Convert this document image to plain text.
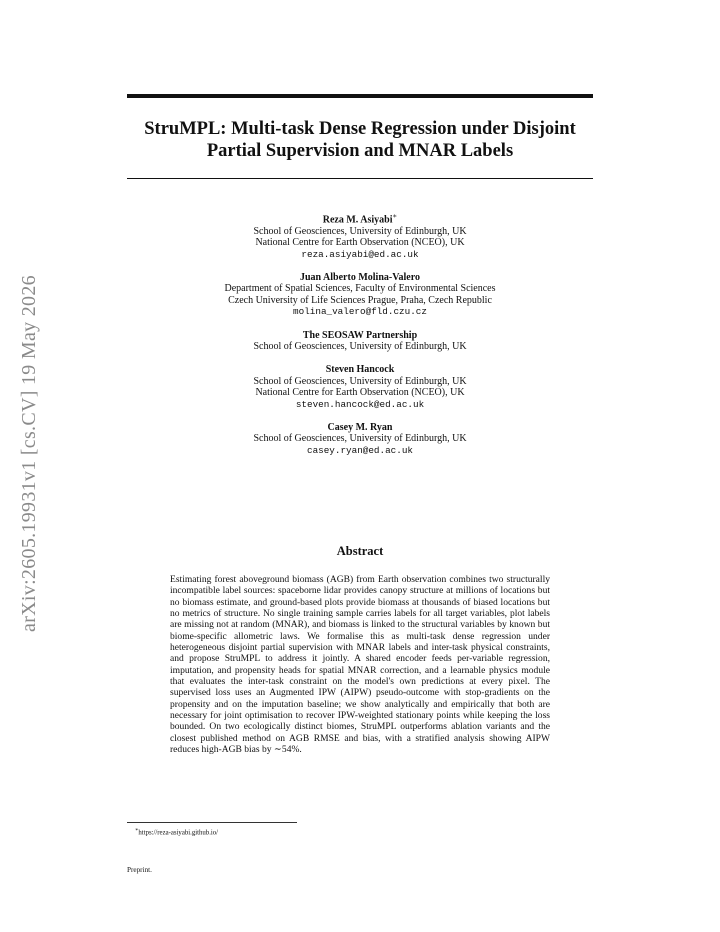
arXiv:2605.19931v1 [cs.CV] 19 May 2026
StruMPL: Multi-task Dense Regression under Disjoint
Partial Supervision and MNAR Labels
Reza M. Asiyabi∗
School of Geosciences, University of Edinburgh, UK
National Centre for Earth Observation (NCEO), UK
reza.asiyabi@ed.ac.uk
Juan Alberto Molina-Valero
Department of Spatial Sciences, Faculty of Environmental Sciences
Czech University of Life Sciences Prague, Praha, Czech Republic
molina_valero@fld.czu.cz
The SEOSAW Partnership
School of Geosciences, University of Edinburgh, UK
Steven Hancock
School of Geosciences, University of Edinburgh, UK
National Centre for Earth Observation (NCEO), UK
steven.hancock@ed.ac.uk
Casey M. Ryan
School of Geosciences, University of Edinburgh, UK
casey.ryan@ed.ac.uk
Abstract
Estimating forest aboveground biomass (AGB) from Earth observation combines two structurally incompatible label sources: spaceborne lidar provides canopy structure at millions of locations but no biomass estimate, and ground-based plots provide biomass at thousands of biased locations but no metrics of structure. No single training sample carries labels for all target variables, plot labels are missing not at random (MNAR), and biomass is linked to the structural variables by known but biome-specific allometric laws. We formalise this as multi-task dense regression under heterogeneous disjoint partial supervision with MNAR labels and inter-task physical constraints, and propose StruMPL to address it jointly. A shared encoder feeds per-variable regression, imputation, and propensity heads for spatial MNAR correction, and a learnable physics module that evaluates the inter-task constraint on the model's own predictions at every pixel. The supervised loss uses an Augmented IPW (AIPW) pseudo-outcome with stop-gradients on the propensity and on the imputation baseline; we show analytically and empirically that both are necessary for joint optimisation to recover IPW-weighted stationary points while keeping the loss bounded. On two ecologically distinct biomes, StruMPL outperforms ablation variants and the closest published method on AGB RMSE and bias, with a stratified analysis showing AIPW reduces high-AGB bias by ∼54%.
∗https://reza-asiyabi.github.io/
Preprint.
